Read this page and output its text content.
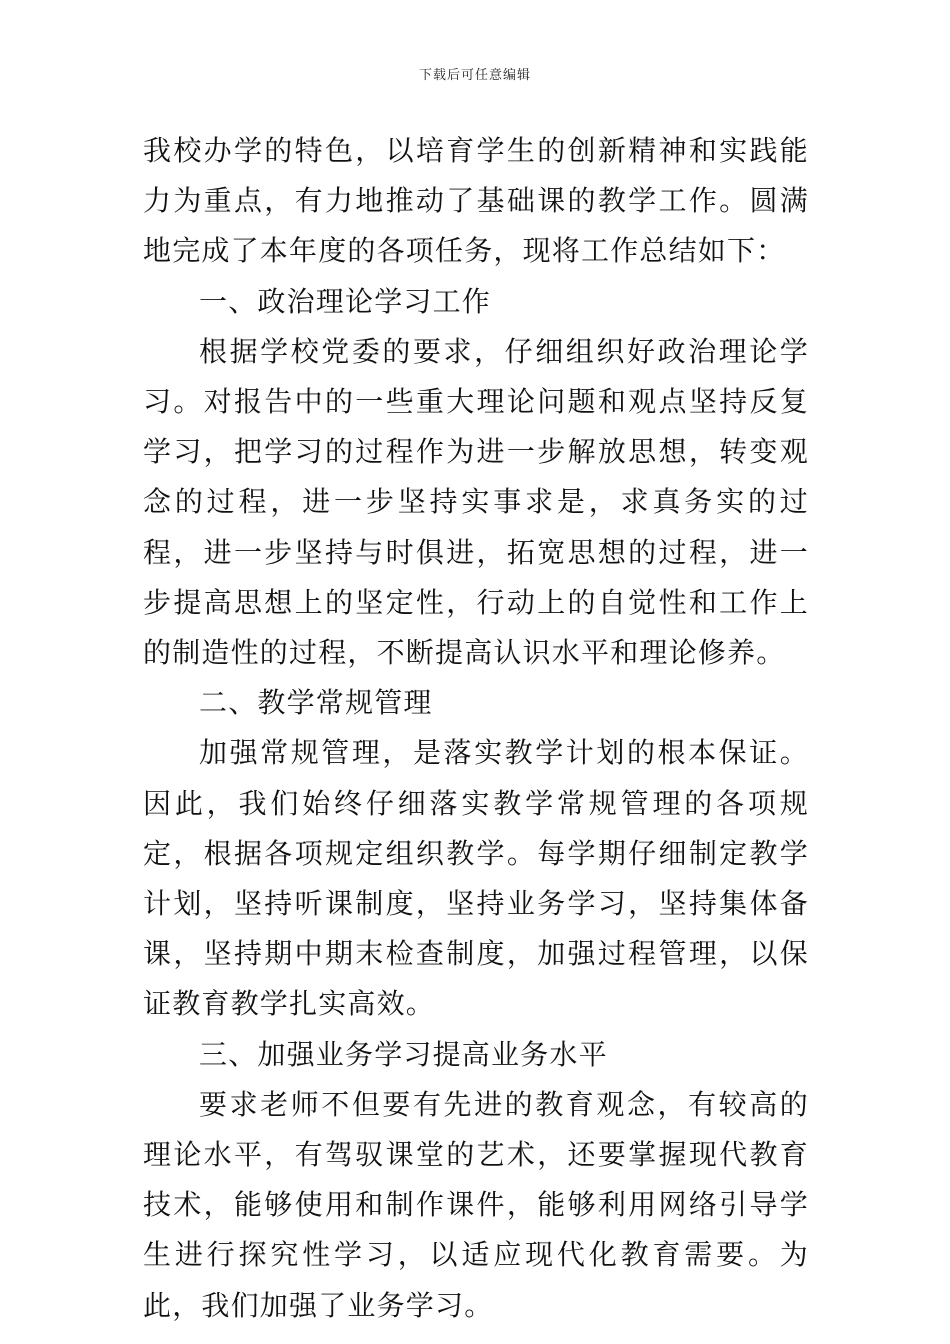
下载后可任意编辑

我校办学的特色，以培育学生的创新精神和实践能力为重点，有力地推动了基础课的教学工作。圆满地完成了本年度的各项任务，现将工作总结如下：

一、政治理论学习工作

根据学校党委的要求，仔细组织好政治理论学习。对报告中的一些重大理论问题和观点坚持反复学习，把学习的过程作为进一步解放思想，转变观念的过程，进一步坚持实事求是，求真务实的过程，进一步坚持与时俱进，拓宽思想的过程，进一步提高思想上的坚定性，行动上的自觉性和工作上的制造性的过程，不断提高认识水平和理论修养。

二、教学常规管理

加强常规管理，是落实教学计划的根本保证。因此，我们始终仔细落实教学常规管理的各项规定，根据各项规定组织教学。每学期仔细制定教学计划，坚持听课制度，坚持业务学习，坚持集体备课，坚持期中期末检查制度，加强过程管理，以保证教育教学扎实高效。

三、加强业务学习提高业务水平

要求老师不但要有先进的教育观念，有较高的理论水平，有驾驭课堂的艺术，还要掌握现代教育技术，能够使用和制作课件，能够利用网络引导学生进行探究性学习，以适应现代化教育需要。为此，我们加强了业务学习。
